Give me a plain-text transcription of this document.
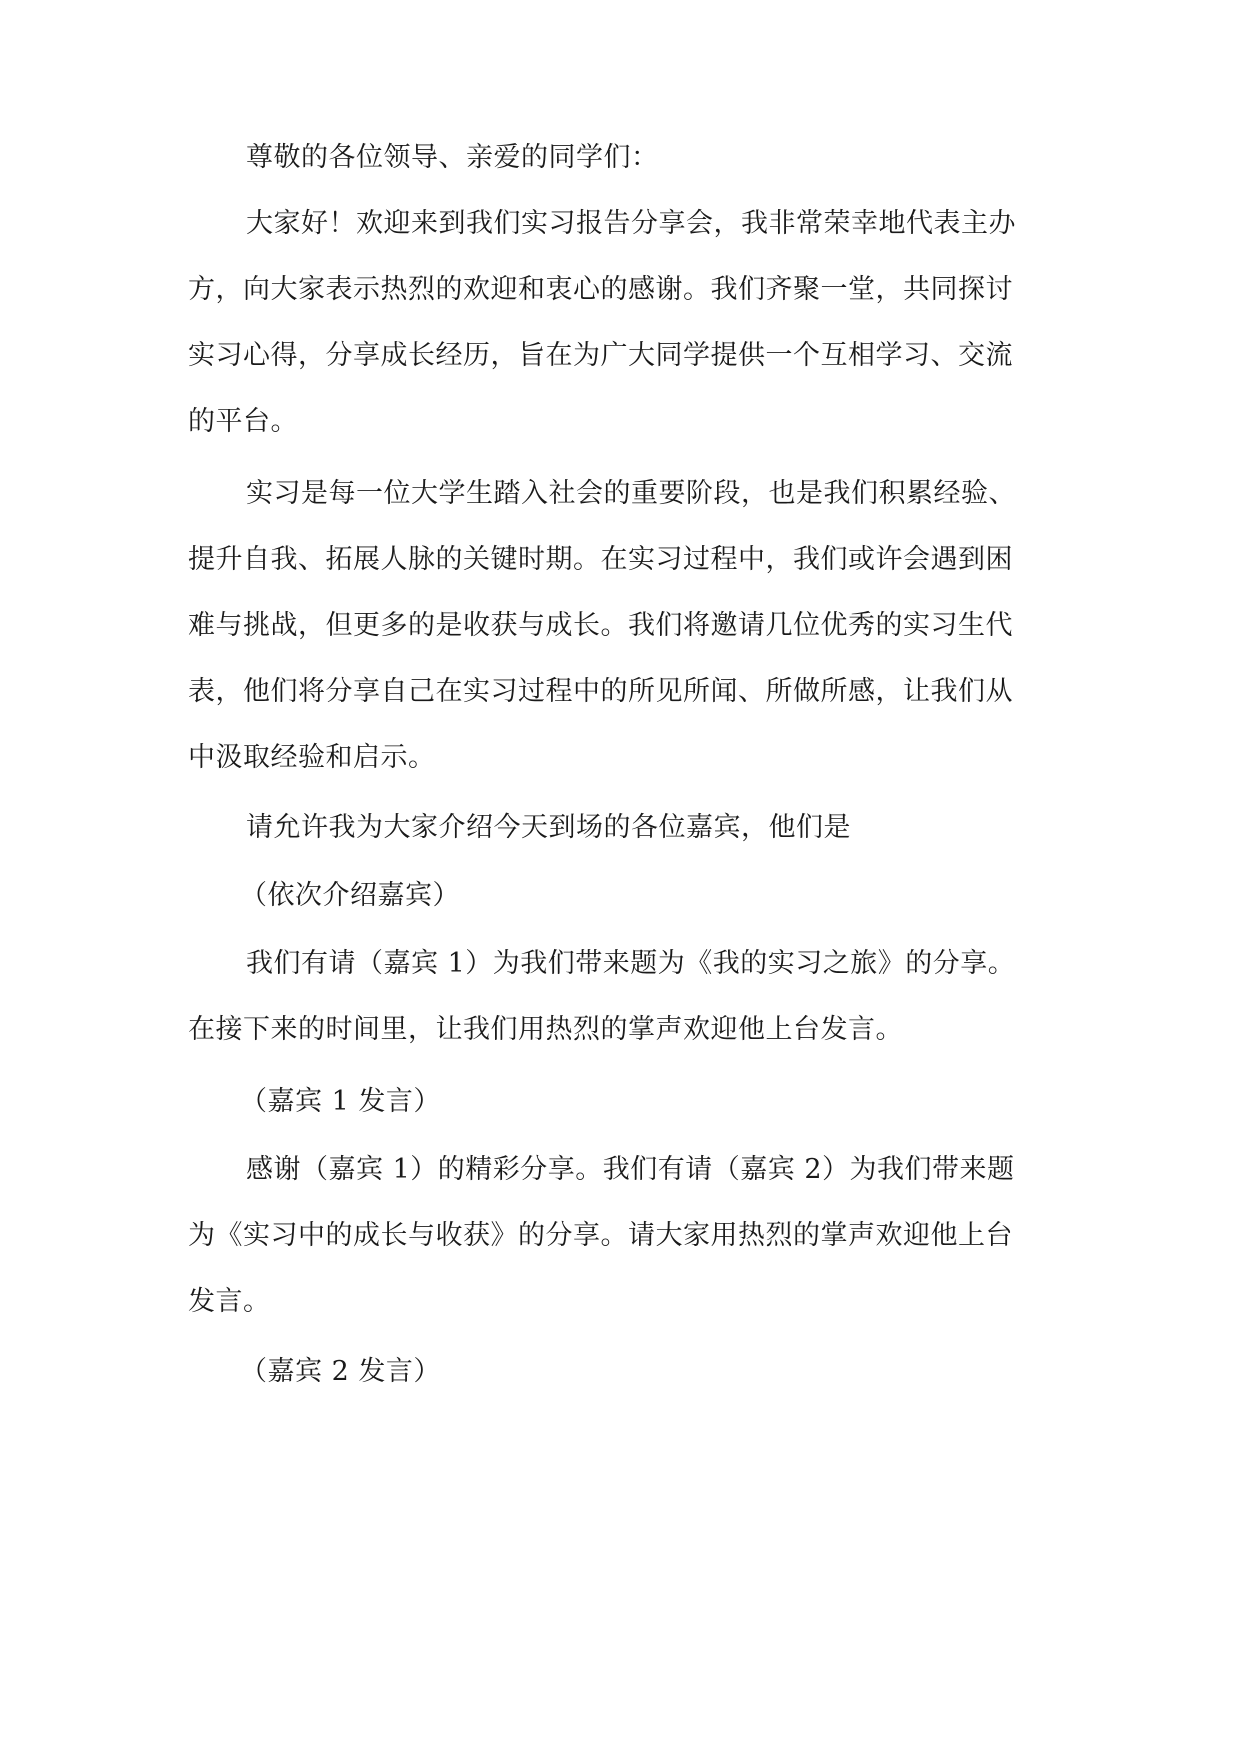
尊敬的各位领导、亲爱的同学们：
大家好！欢迎来到我们实习报告分享会，我非常荣幸地代表主办
方，向大家表示热烈的欢迎和衷心的感谢。我们齐聚一堂，共同探讨
实习心得，分享成长经历，旨在为广大同学提供一个互相学习、交流
的平台。
实习是每一位大学生踏入社会的重要阶段，也是我们积累经验、
提升自我、拓展人脉的关键时期。在实习过程中，我们或许会遇到困
难与挑战，但更多的是收获与成长。我们将邀请几位优秀的实习生代
表，他们将分享自己在实习过程中的所见所闻、所做所感，让我们从
中汲取经验和启示。
请允许我为大家介绍今天到场的各位嘉宾，他们是
（依次介绍嘉宾）
我们有请（嘉宾 1）为我们带来题为《我的实习之旅》的分享。
在接下来的时间里，让我们用热烈的掌声欢迎他上台发言。
（嘉宾 1 发言）
感谢（嘉宾 1）的精彩分享。我们有请（嘉宾 2）为我们带来题
为《实习中的成长与收获》的分享。请大家用热烈的掌声欢迎他上台
发言。
（嘉宾 2 发言）
